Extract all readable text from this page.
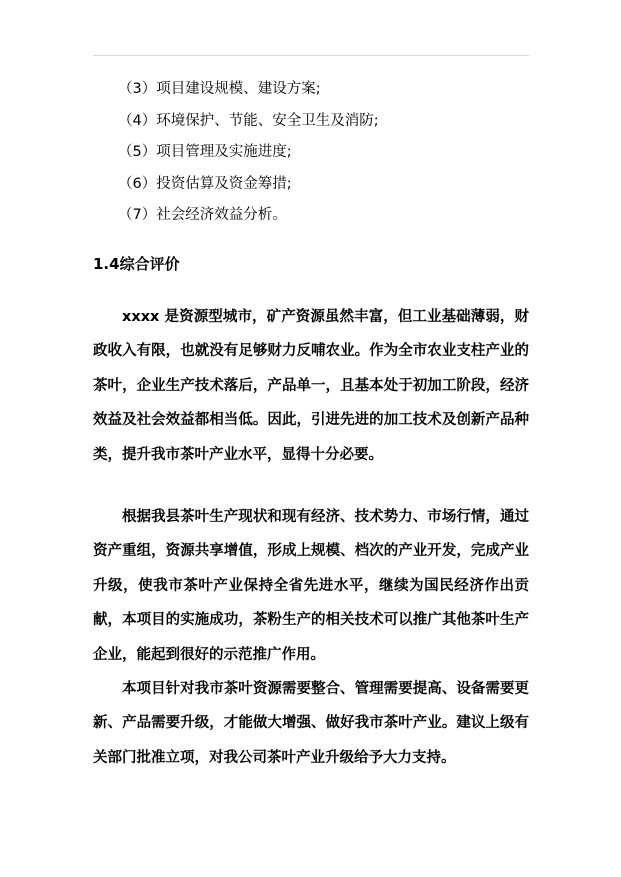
（3）项目建设规模、建设方案;
（4）环境保护、节能、安全卫生及消防;
（5）项目管理及实施进度;
（6）投资估算及资金筹措;
（7）社会经济效益分析。
1.4综合评价

xxxx 是资源型城市，矿产资源虽然丰富，但工业基础薄弱，财政收入有限，也就没有足够财力反哺农业。作为全市农业支柱产业的茶叶，企业生产技术落后，产品单一，且基本处于初加工阶段，经济效益及社会效益都相当低。因此，引进先进的加工技术及创新产品种类，提升我市茶叶产业水平，显得十分必要。

根据我县茶叶生产现状和现有经济、技术势力、市场行情，通过资产重组，资源共享增值，形成上规模、档次的产业开发，完成产业升级，使我市茶叶产业保持全省先进水平，继续为国民经济作出贡献，本项目的实施成功，茶粉生产的相关技术可以推广其他茶叶生产企业，能起到很好的示范推广作用。

本项目针对我市茶叶资源需要整合、管理需要提高、设备需要更新、产品需要升级，才能做大增强、做好我市茶叶产业。建议上级有关部门批准立项，对我公司茶叶产业升级给予大力支持。
